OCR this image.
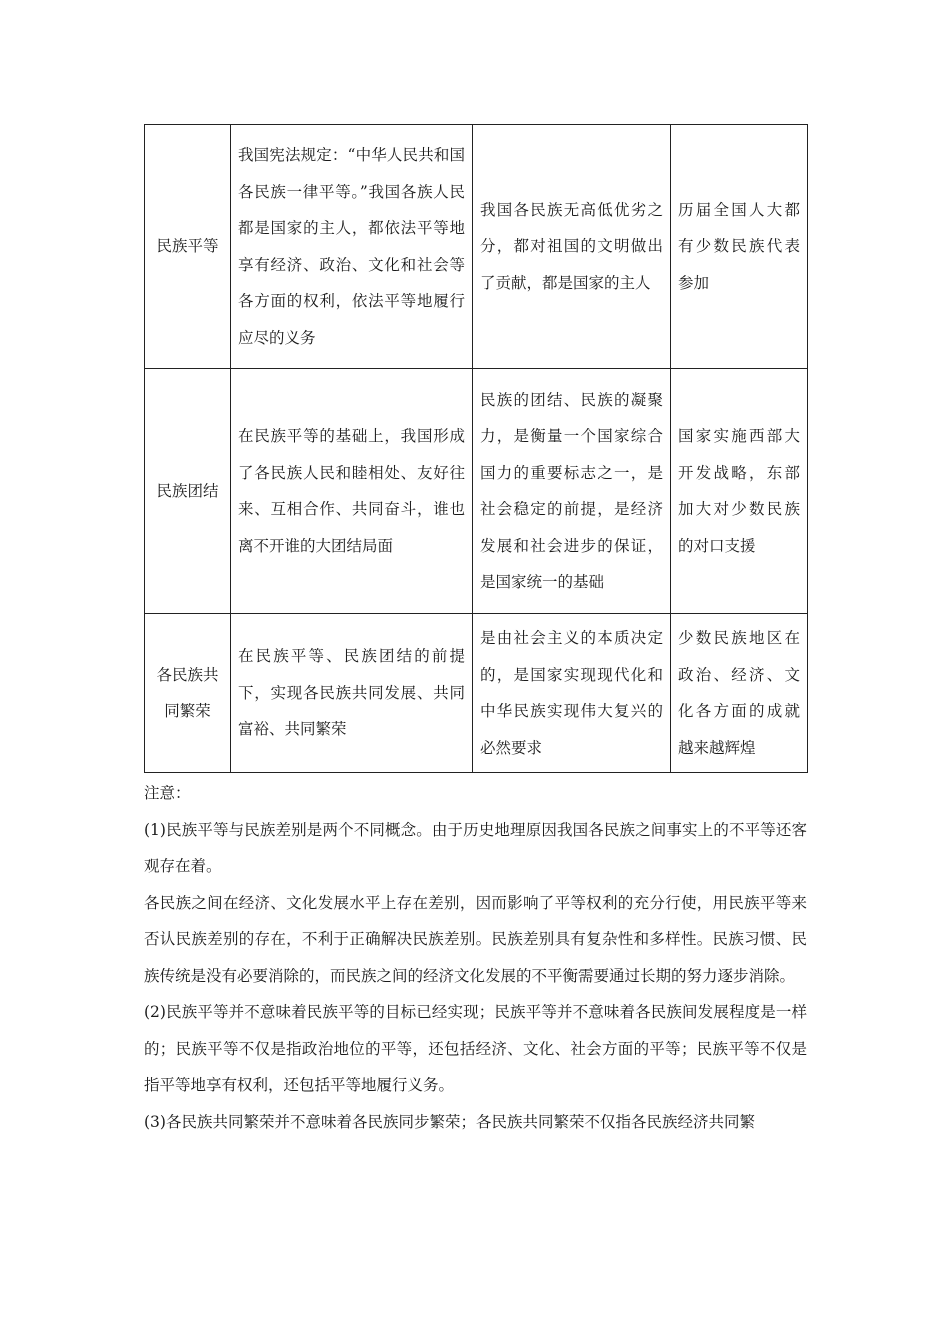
民族平等	我国宪法规定：“中华人民共和国各民族一律平等。”我国各族人民都是国家的主人，都依法平等地享有经济、政治、文化和社会等各方面的权利，依法平等地履行应尽的义务	我国各民族无高低优劣之分，都对祖国的文明做出了贡献，都是国家的主人	历届全国人大都有少数民族代表参加
民族团结	在民族平等的基础上，我国形成了各民族人民和睦相处、友好往来、互相合作、共同奋斗，谁也离不开谁的大团结局面	民族的团结、民族的凝聚力，是衡量一个国家综合国力的重要标志之一，是社会稳定的前提，是经济发展和社会进步的保证，是国家统一的基础	国家实施西部大开发战略，东部加大对少数民族的对口支援
各民族共同繁荣	在民族平等、民族团结的前提下，实现各民族共同发展、共同富裕、共同繁荣	是由社会主义的本质决定的，是国家实现现代化和中华民族实现伟大复兴的必然要求	少数民族地区在政治、经济、文化各方面的成就越来越辉煌

注意：

(1)民族平等与民族差别是两个不同概念。由于历史地理原因我国各民族之间事实上的不平等还客观存在着。

各民族之间在经济、文化发展水平上存在差别，因而影响了平等权利的充分行使，用民族平等来否认民族差别的存在，不利于正确解决民族差别。民族差别具有复杂性和多样性。民族习惯、民族传统是没有必要消除的，而民族之间的经济文化发展的不平衡需要通过长期的努力逐步消除。

(2)民族平等并不意味着民族平等的目标已经实现；民族平等并不意味着各民族间发展程度是一样的；民族平等不仅是指政治地位的平等，还包括经济、文化、社会方面的平等；民族平等不仅是指平等地享有权利，还包括平等地履行义务。

(3)各民族共同繁荣并不意味着各民族同步繁荣；各民族共同繁荣不仅指各民族经济共同繁
